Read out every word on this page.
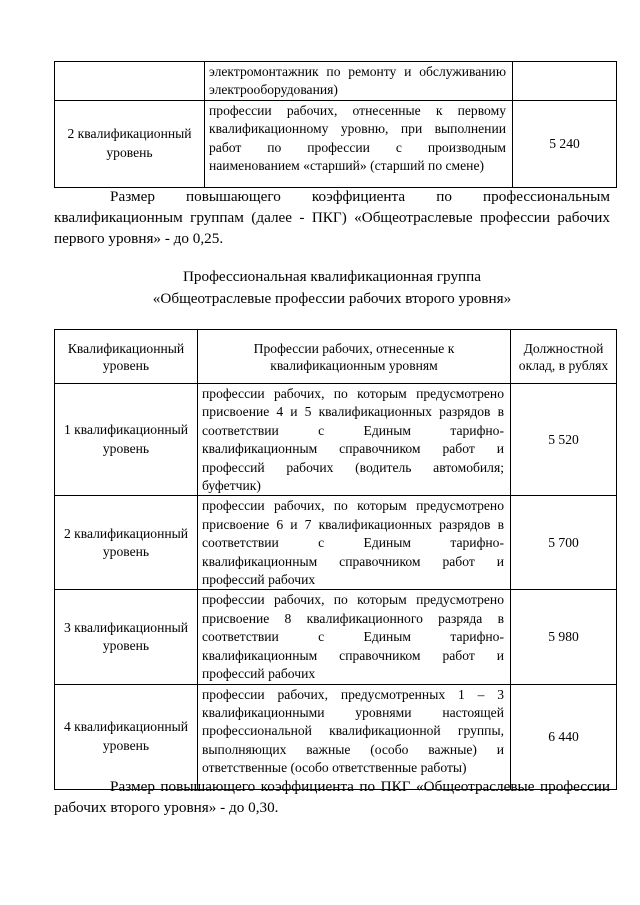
	электромонтажник по ремонту и обслуживанию электрооборудования)	
2 квалификационный уровень	профессии рабочих, отнесенные к первому квалификационному уровню, при выполнении работ по профессии с производным наименованием «старший» (старший по смене)	5 240
Размер повышающего коэффициента по профессиональным квалификационным группам (далее - ПКГ) «Общеотраслевые профессии рабочих первого уровня» - до 0,25.
Профессиональная квалификационная группа
«Общеотраслевые профессии рабочих второго уровня»
Квалификационный уровень	Профессии рабочих, отнесенные к квалификационным уровням	Должностной оклад, в рублях
1 квалификационный уровень	профессии рабочих, по которым предусмотрено присвоение 4 и 5 квалификационных разрядов в соответствии с Единым тарифно-квалификационным справочником работ и профессий рабочих (водитель автомобиля; буфетчик)	5 520
2 квалификационный уровень	профессии рабочих, по которым предусмотрено присвоение 6 и 7 квалификационных разрядов в соответствии с Единым тарифно-квалификационным справочником работ и профессий рабочих	5 700
3 квалификационный уровень	профессии рабочих, по которым предусмотрено присвоение 8 квалификационного разряда в соответствии с Единым тарифно-квалификационным справочником работ и профессий рабочих	5 980
4 квалификационный уровень	профессии рабочих, предусмотренных 1 – 3 квалификационными уровнями настоящей профессиональной квалификационной группы, выполняющих важные (особо важные) и ответственные (особо ответственные работы)	6 440
Размер повышающего коэффициента по ПКГ «Общеотраслевые профессии рабочих второго уровня» - до 0,30.
